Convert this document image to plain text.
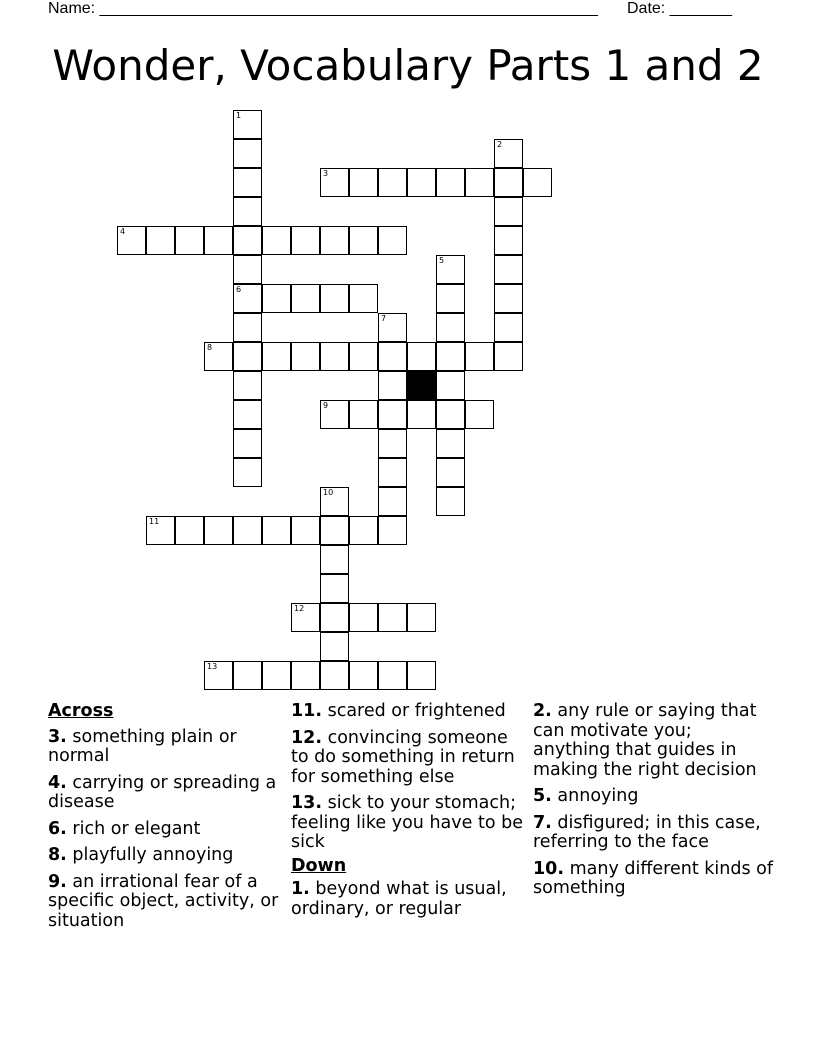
Name: ________________________________________________________ Date: _______
Wonder, Vocabulary Parts 1 and 2
3
4
6
8
9
11
12
13
1
2
5
7
10
Across
3. something plain or normal
4. carrying or spreading a disease
6. rich or elegant
8. playfully annoying
9. an irrational fear of a specific object, activity, or situation
11. scared or frightened
12. convincing someone to do something in return for something else
13. sick to your stomach; feeling like you have to be sick
Down
1. beyond what is usual, ordinary, or regular
2. any rule or saying that can motivate you; anything that guides in making the right decision
5. annoying
7. disfigured; in this case, referring to the face
10. many different kinds of something
